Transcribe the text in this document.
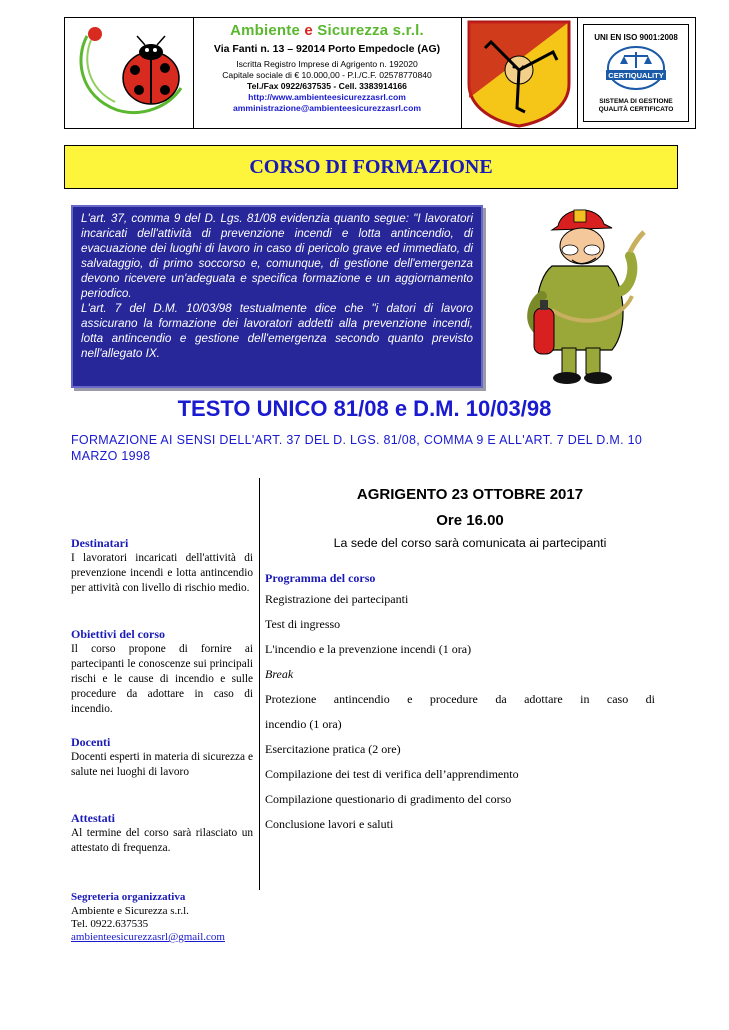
Ambiente e Sicurezza s.r.l.
Via Fanti n. 13 – 92014 Porto Empedocle (AG)
Iscritta Registro Imprese di Agrigento n. 192020
Capitale sociale di € 10.000,00 - P.I./C.F. 02578770840
Tel./Fax 0922/637535 - Cell. 3383914166
http://www.ambienteesicurezzasrl.com
amministrazione@ambienteesicurezzasrl.com
UNI EN ISO 9001:2008
CERTIQUALITY
SISTEMA DI GESTIONE
QUALITÀ CERTIFICATO
CORSO DI FORMAZIONE

L'art. 37, comma 9 del D. Lgs. 81/08 evidenzia quanto segue: "I lavoratori incaricati dell'attività di prevenzione incendi e lotta antincendio, di evacuazione dei luoghi di lavoro in caso di pericolo grave ed immediato, di salvataggio, di primo soccorso e, comunque, di gestione dell'emergenza devono ricevere un'adeguata e specifica formazione e un aggiornamento periodico.

L'art. 7 del D.M. 10/03/98 testualmente dice che "i datori di lavoro assicurano la formazione dei lavoratori addetti alla prevenzione incendi, lotta antincendio e gestione dell'emergenza secondo quanto previsto nell'allegato IX.

TESTO UNICO 81/08 e D.M. 10/03/98
FORMAZIONE AI SENSI DELL'ART. 37 DEL D. LGS. 81/08, COMMA 9 E ALL'ART. 7 DEL D.M. 10 MARZO 1998
Destinatari
I lavoratori incaricati dell'attività di prevenzione incendi e lotta antincendio per attività con livello di rischio medio.
Obiettivi del corso
Il corso propone di fornire ai partecipanti le conoscenze sui principali rischi e le cause di incendio e sulle procedure da adottare in caso di incendio.
Docenti
Docenti esperti in materia di sicurezza e salute nei luoghi di lavoro
Attestati
Al termine del corso sarà rilasciato un attestato di frequenza.
Segreteria organizzativa
Ambiente e Sicurezza s.r.l.
Tel. 0922.637535
ambienteesicurezzasrl@gmail.com
AGRIGENTO 23 OTTOBRE 2017
Ore 16.00
La sede del corso sarà comunicata ai partecipanti
Programma del corso
Registrazione dei partecipanti
Test di ingresso
L'incendio e la prevenzione incendi (1 ora)
Break
Protezione antincendio e procedure da adottare in caso di
incendio (1 ora)
Esercitazione pratica (2 ore)
Compilazione dei test di verifica dell’apprendimento
Compilazione questionario di gradimento del corso
Conclusione lavori e saluti
